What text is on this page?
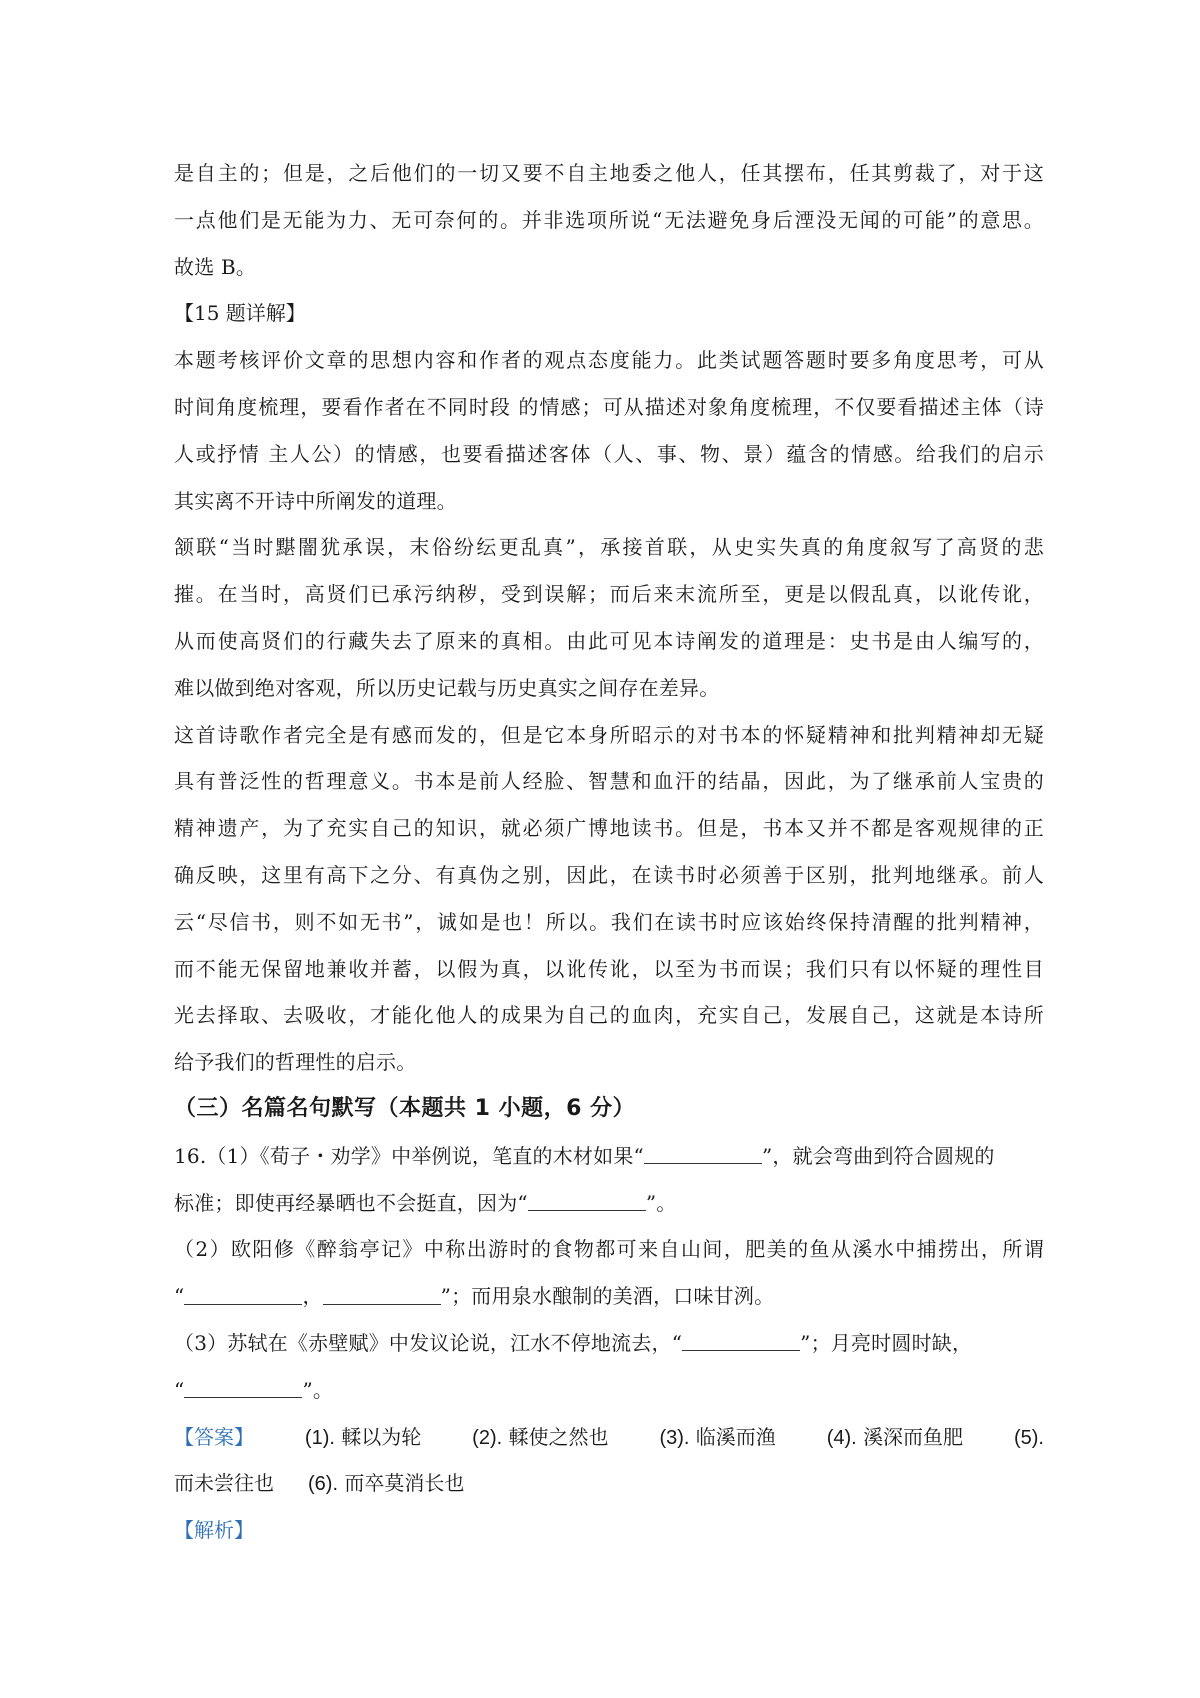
是自主的；但是，之后他们的一切又要不自主地委之他人，任其摆布，任其剪裁了，对于这
一点他们是无能为力、无可奈何的。并非选项所说“无法避免身后湮没无闻的可能”的意思。
故选 B。
【15 题详解】
本题考核评价文章的思想内容和作者的观点态度能力。此类试题答题时要多角度思考，可从
时间角度梳理，要看作者在不同时段 的情感；可从描述对象角度梳理，不仅要看描述主体（诗
人或抒情 主人公）的情感，也要看描述客体（人、事、物、景）蕴含的情感。给我们的启示
其实离不开诗中所阐发的道理。
颔联“当时黮闇犹承误，末俗纷纭更乱真”，承接首联，从史实失真的角度叙写了高贤的悲
摧。在当时，高贤们已承污纳秽，受到误解；而后来末流所至，更是以假乱真，以讹传讹，
从而使高贤们的行藏失去了原来的真相。由此可见本诗阐发的道理是：史书是由人编写的，
难以做到绝对客观，所以历史记载与历史真实之间存在差异。
这首诗歌作者完全是有感而发的，但是它本身所昭示的对书本的怀疑精神和批判精神却无疑
具有普泛性的哲理意义。书本是前人经脸、智慧和血汗的结晶，因此，为了继承前人宝贵的
精神遗产，为了充实自己的知识，就必须广博地读书。但是，书本又并不都是客观规律的正
确反映，这里有高下之分、有真伪之别，因此，在读书时必须善于区别，批判地继承。前人
云“尽信书，则不如无书”，诚如是也！所以。我们在读书时应该始终保持清醒的批判精神，
而不能无保留地兼收并蓄，以假为真，以讹传讹，以至为书而误；我们只有以怀疑的理性目
光去择取、去吸收，才能化他人的成果为自己的血肉，充实自己，发展自己，这就是本诗所
给予我们的哲理性的启示。
（三）名篇名句默写（本题共 1 小题，6 分）
16.（1）《荀子・劝学》中举例说，笔直的木材如果“	”，就会弯曲到符合圆规的
标准；即使再经暴晒也不会挺直，因为“	”。
（2）欧阳修《醉翁亭记》中称出游时的食物都可来自山间，肥美的鱼从溪水中捕捞出，所谓
“	，	”；而用泉水酿制的美酒，口味甘洌。
（3）苏轼在《赤壁赋》中发议论说，江水不停地流去，“	”；月亮时圆时缺，
“	”。
【答案】	(1). 輮以为轮	(2). 輮使之然也	(3). 临溪而渔	(4). 溪深而鱼肥	(5).
而未尝往也 (6). 而卒莫消长也
【解析】
